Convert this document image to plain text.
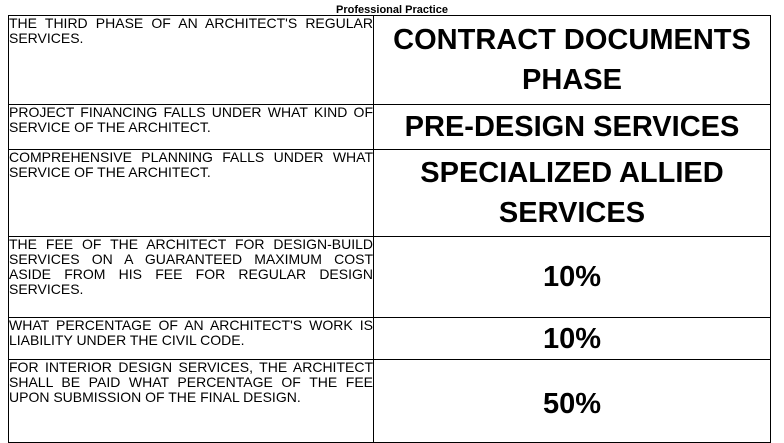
Professional Practice
THE THIRD PHASE OF AN ARCHITECT'S REGULAR SERVICES.	CONTRACT DOCUMENTS PHASE
PROJECT FINANCING FALLS UNDER WHAT KIND OF SERVICE OF THE ARCHITECT.	PRE-DESIGN SERVICES
COMPREHENSIVE PLANNING FALLS UNDER WHAT SERVICE OF THE ARCHITECT.	SPECIALIZED ALLIED SERVICES
THE FEE OF THE ARCHITECT FOR DESIGN-BUILD SERVICES ON A GUARANTEED MAXIMUM COST ASIDE FROM HIS FEE FOR REGULAR DESIGN SERVICES.	10%
WHAT PERCENTAGE OF AN ARCHITECT'S WORK IS LIABILITY UNDER THE CIVIL CODE.	10%
FOR INTERIOR DESIGN SERVICES, THE ARCHITECT SHALL BE PAID WHAT PERCENTAGE OF THE FEE UPON SUBMISSION OF THE FINAL DESIGN.	50%
